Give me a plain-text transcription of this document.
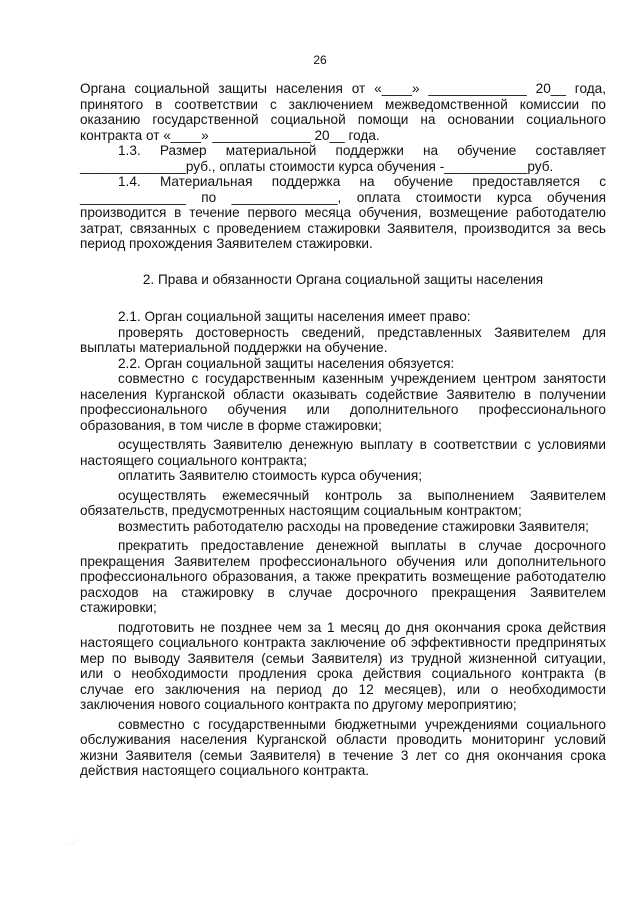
26

Органа социальной защиты населения от «____» _____________ 20__ года,

принятого в соответствии с заключением межведомственной комиссии по

оказанию государственной социальной помощи на основании социального

контракта от «____» _____________ 20__ года.

1.3. Размер материальной поддержки на обучение составляет

______________руб., оплаты стоимости курса обучения -___________руб.

1.4. Материальная поддержка на обучение предоставляется с

______________ по ______________, оплата стоимости курса обучения

производится в течение первого месяца обучения, возмещение работодателю

затрат, связанных с проведением стажировки Заявителя, производится за весь

период прохождения Заявителем стажировки.

2. Права и обязанности Органа социальной защиты населения

2.1. Орган социальной защиты населения имеет право:

проверять достоверность сведений, представленных Заявителем для

выплаты материальной поддержки на обучение.

2.2. Орган социальной защиты населения обязуется:

совместно с государственным казенным учреждением центром занятости

населения Курганской области оказывать содействие Заявителю в получении

профессионального обучения или дополнительного профессионального

образования, в том числе в форме стажировки;

осуществлять Заявителю денежную выплату в соответствии с условиями

настоящего социального контракта;

оплатить Заявителю стоимость курса обучения;

осуществлять ежемесячный контроль за выполнением Заявителем

обязательств, предусмотренных настоящим социальным контрактом;

возместить работодателю расходы на проведение стажировки Заявителя;

прекратить предоставление денежной выплаты в случае досрочного

прекращения Заявителем профессионального обучения или дополнительного

профессионального образования, а также прекратить возмещение работодателю

расходов на стажировку в случае досрочного прекращения Заявителем

стажировки;

подготовить не позднее чем за 1 месяц до дня окончания срока действия

настоящего социального контракта заключение об эффективности предпринятых

мер по выводу Заявителя (семьи Заявителя) из трудной жизненной ситуации,

или о необходимости продления срока действия социального контракта (в

случае его заключения на период до 12 месяцев), или о необходимости

заключения нового социального контракта по другому мероприятию;

совместно с государственными бюджетными учреждениями социального

обслуживания населения Курганской области проводить мониторинг условий

жизни Заявителя (семьи Заявителя) в течение 3 лет со дня окончания срока

действия настоящего социального контракта.

·.·´
